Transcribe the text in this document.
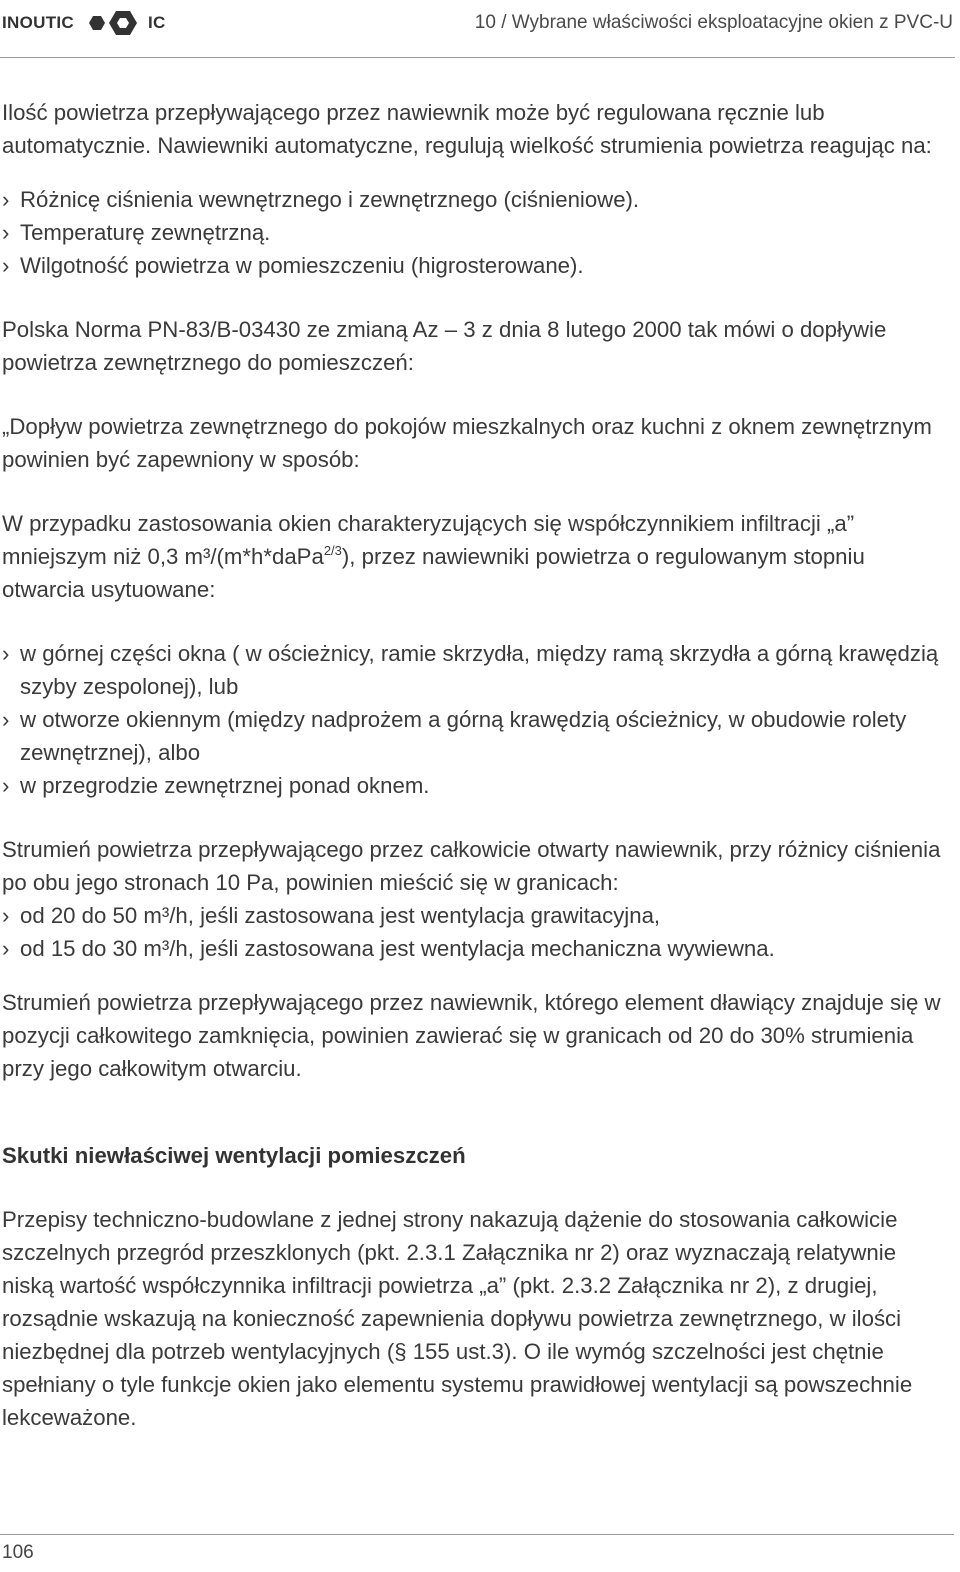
INOUTIC	IC	10 / Wybrane właściwości eksploatacyjne okien z PVC-U

Ilość powietrza przepływającego przez nawiewnik może być regulowana ręcznie lub automatycznie. Nawiewniki automatyczne, regulują wielkość strumienia powietrza reagując na:

› Różnicę ciśnienia wewnętrznego i zewnętrznego (ciśnieniowe).
› Temperaturę zewnętrzną.
› Wilgotność powietrza w pomieszczeniu (higrosterowane).

Polska Norma PN-83/B-03430 ze zmianą Az – 3 z dnia 8 lutego 2000 tak mówi o dopływie powietrza zewnętrznego do pomieszczeń:

„Dopływ powietrza zewnętrznego do pokojów mieszkalnych oraz kuchni z oknem zewnętrznym powinien być zapewniony w sposób:

W przypadku zastosowania okien charakteryzujących się współczynnikiem infiltracji „a” mniejszym niż 0,3 m³/(m*h*daPa$^{2/3}$), przez nawiewniki powietrza o regulowanym stopniu otwarcia usytuowane:

› w górnej części okna ( w ościeżnicy, ramie skrzydła, między ramą skrzydła a górną krawędzią szyby zespolonej), lub
› w otworze okiennym (między nadprożem a górną krawędzią ościeżnicy, w obudowie rolety zewnętrznej), albo
› w przegrodzie zewnętrznej ponad oknem.

Strumień powietrza przepływającego przez całkowicie otwarty nawiewnik, przy różnicy ciśnienia po obu jego stronach 10 Pa, powinien mieścić się w granicach:

› od 20 do 50 m³/h, jeśli zastosowana jest wentylacja grawitacyjna,
› od 15 do 30 m³/h, jeśli zastosowana jest wentylacja mechaniczna wywiewna.

Strumień powietrza przepływającego przez nawiewnik, którego element dławiący znajduje się w pozycji całkowitego zamknięcia, powinien zawierać się w granicach od 20 do 30% strumienia przy jego całkowitym otwarciu.

Skutki niewłaściwej wentylacji pomieszczeń

Przepisy techniczno-budowlane z jednej strony nakazują dążenie do stosowania całkowicie szczelnych przegród przeszklonych (pkt. 2.3.1 Załącznika nr 2) oraz wyznaczają relatywnie niską wartość współczynnika infiltracji powietrza „a” (pkt. 2.3.2 Załącznika nr 2), z drugiej, rozsądnie wskazują na konieczność zapewnienia dopływu powietrza zewnętrznego, w ilości niezbędnej dla potrzeb wentylacyjnych (§ 155 ust.3). O ile wymóg szczelności jest chętnie spełniany o tyle funkcje okien jako elementu systemu prawidłowej wentylacji są powszechnie lekceważone.

106
